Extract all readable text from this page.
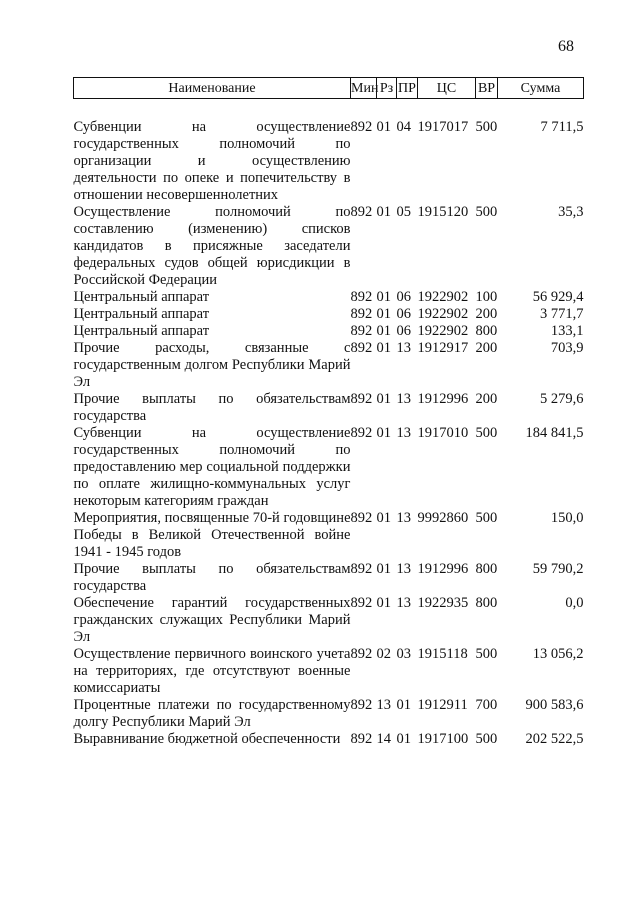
68
Наименование	Мин	Рз	ПР	ЦС	ВР	Сумма

Субвенции на осуществление государственных полномочий по организации и осуществлению деятельности по опеке и попечительству в отношении несовершеннолетних	892	01	04	1917017	500	7 711,5
Осуществление полномочий по составлению (изменению) списков кандидатов в присяжные заседатели федеральных судов общей юрисдикции в Российской Федерации	892	01	05	1915120	500	35,3
Центральный аппарат	892	01	06	1922902	100	56 929,4
Центральный аппарат	892	01	06	1922902	200	3 771,7
Центральный аппарат	892	01	06	1922902	800	133,1
Прочие расходы, связанные с государственным долгом Республики Марий Эл	892	01	13	1912917	200	703,9
Прочие выплаты по обязательствам государства	892	01	13	1912996	200	5 279,6
Субвенции на осуществление государственных полномочий по предоставлению мер социальной поддержки по оплате жилищно-коммунальных услуг некоторым категориям граждан	892	01	13	1917010	500	184 841,5
Мероприятия, посвященные 70-й годовщине Победы в Великой Отечественной войне 1941 - 1945 годов	892	01	13	9992860	500	150,0
Прочие выплаты по обязательствам государства	892	01	13	1912996	800	59 790,2
Обеспечение гарантий государственных гражданских служащих Республики Марий Эл	892	01	13	1922935	800	0,0
Осуществление первичного воинского учета на территориях, где отсутствуют военные комиссариаты	892	02	03	1915118	500	13 056,2
Процентные платежи по государственному долгу Республики Марий Эл	892	13	01	1912911	700	900 583,6
Выравнивание бюджетной обеспеченности	892	14	01	1917100	500	202 522,5
